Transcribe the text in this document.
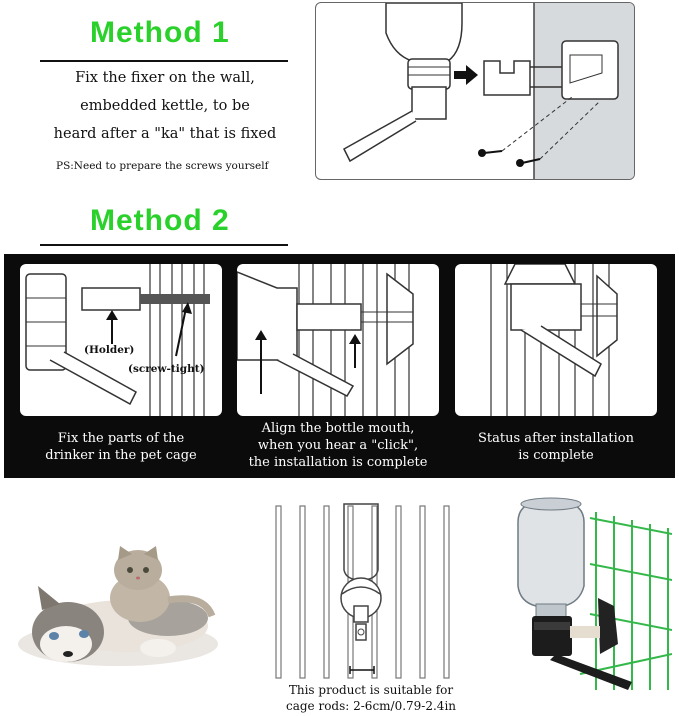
Method 1
Fix the fixer on the wall,
embedded kettle, to be
heard after a "ka" that is fixed
PS:Need to prepare the screws yourself
Method 2
(Holder)
(screw-tight)
Fix the parts of the
drinker in the pet cage
Align the bottle mouth,
when you hear a "click",
the installation is complete
Status after installation
is complete
This product is suitable for
cage rods: 2-6cm/0.79-2.4in
